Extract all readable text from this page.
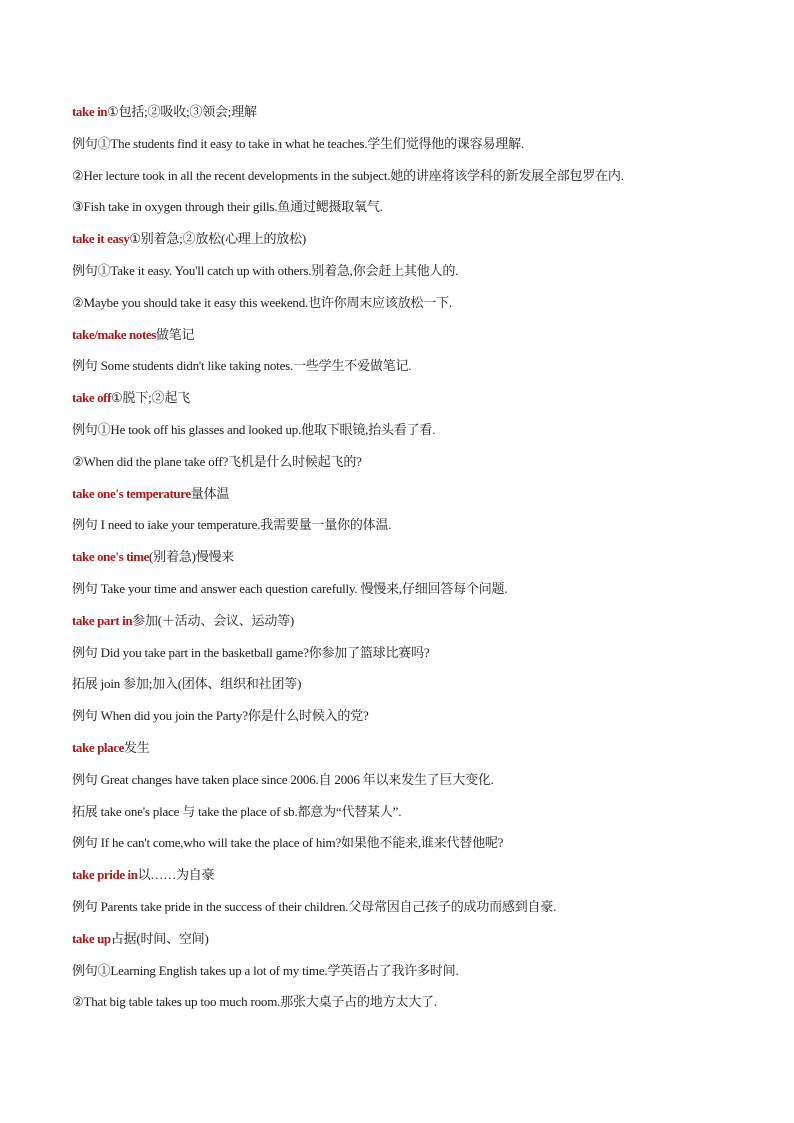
take in①包括;②吸收;③领会;理解
例句①The students find it easy to take in what he teaches.学生们觉得他的课容易理解.
②Her lecture took in all the recent developments in the subject.她的讲座将该学科的新发展全部包罗在内.
③Fish take in oxygen through their gills.鱼通过鳃摄取氧气.
take it easy①别着急;②放松(心理上的放松)
例句①Take it easy. You'll catch up with others.别着急,你会赶上其他人的.
②Maybe you should take it easy this weekend.也许你周末应该放松一下.
take/make notes做笔记
例句 Some students didn't like taking notes.一些学生不爱做笔记.
take off①脱下;②起飞
例句①He took off his glasses and looked up.他取下眼镜,抬头看了看.
②When did the plane take off?飞机是什么时候起飞的?
take one's temperature量体温
例句 I need to iake your temperature.我需要量一量你的体温.
take one's time(别着急)慢慢来
例句 Take your time and answer each question carefully. 慢慢来,仔细回答每个问题.
take part in参加(＋活动、会议、运动等)
例句 Did you take part in the basketball game?你参加了篮球比赛吗?
拓展 join 参加;加入(团体、组织和社团等)
例句 When did you join the Party?你是什么时候入的党?
take place发生
例句 Great changes have taken place since 2006.自 2006 年以来发生了巨大变化.
拓展 take one's place 与 take the place of sb.都意为“代替某人”.
例句 If he can't come,who will take the place of him?如果他不能来,谁来代替他呢?
take pride in以……为自豪
例句 Parents take pride in the success of their children.父母常因自己孩子的成功而感到自豪.
take up占据(时间、空间)
例句①Learning English takes up a lot of my time.学英语占了我许多时间.
②That big table takes up too much room.那张大桌子占的地方太大了.
